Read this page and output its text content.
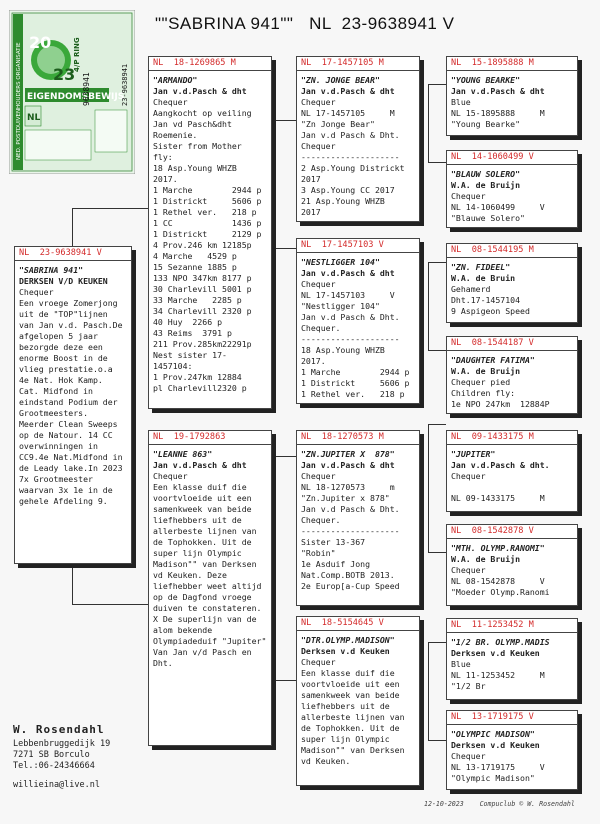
""SABRINA 941""   NL  23-9638941 V
NED. POSTDUIVENHOUDERS ORGANISATIE 20
23
EIGENDOMSBEWIJS
4/P RING
9638941	23-9638941
NL
NL  23-9638941 V
"SABRINA 941"
DERKSEN V/D KEUKEN
Chequer
Een vroege Zomerjong uit de "TOP"lijnen van Jan v.d. Pasch.De afgelopen 5 jaar bezorgde deze een enorme Boost in de vlieg prestatie.o.a 4e Nat. Hok Kamp. Cat. Midfond in eindstand Podium der Grootmeesters. Meerder Clean Sweeps op de Natour. 14 CC overwinningen in CC9.4e Nat.Midfond in de Leady lake.In 2023 7x Grootmeester waarvan 3x 1e in de gehele Afdeling 9.
NL  18-1269865 M
"ARMANDO"
Jan v.d.Pasch & dht
Chequer
Aangkocht op veiling
Jan vd Pasch&dht
Roemenie.
Sister from Mother
fly:
18 Asp.Young WHZB
2017.
1 Marche        2944 p
1 Districkt     5606 p
1 Rethel ver.   218 p
1 CC            1436 p
1 Districkt     2129 p
4 Prov.246 km 12185p
4 Marche   4529 p
15 Sezanne 1885 p
133 NPO 347km 8177 p
30 Charlevill 5001 p
33 Marche   2285 p
34 Charlevill 2320 p
40 Huy  2266 p
43 Reims  3791 p
211 Prov.285km22291p
Nest sister 17-
1457104:
1 Prov.247km 12884
pl Charlevill2320 p
NL  19-1792863
"LEANNE 863"
Jan v.d.Pasch & dht
Chequer
Een klasse duif die voortvloeide uit een samenkweek van beide liefhebbers uit de allerbeste lijnen van de Tophokken. Uit de super lijn Olympic Madison"" van Derksen vd Keuken. Deze liefhebber weet altijd op de Dagfond vroege duiven te constateren. X De superlijn van de alom bekende Olympiadeduif "Jupiter" Van Jan v/d Pasch en Dht.
NL  17-1457105 M
"ZN. JONGE BEAR"
Jan v.d.Pasch & dht
Chequer
NL 17-1457105     M
"Zn Jonge Bear"
Jan v.d Pasch & Dht.
Chequer
--------------------
2 Asp.Young Districkt
2017
3 Asp.Young CC 2017
21 Asp.Young WHZB
2017
NL  17-1457103 V
"NESTLIGGER 104"
Jan v.d.Pasch & dht
Chequer
NL 17-1457103     V
"Nestligger 104"
Jan v.d Pasch & Dht.
Chequer.
--------------------
18 Asp.Young WHZB
2017.
1 Marche        2944 p
1 Districkt     5606 p
1 Rethel ver.   218 p
NL  18-1270573 M
"ZN.JUPITER X  878"
Jan v.d.Pasch & dht
Chequer
NL 18-1270573     m
"Zn.Jupiter x 878"
Jan v.d Pasch & Dht.
Chequer.
--------------------
Sister 13-367
"Robin"
1e Asduif Jong
Nat.Comp.BOTB 2013.
2e Europ[a-Cup Speed
NL  18-5154645 V
"DTR.OLYMP.MADISON"
Derksen v.d Keuken
Chequer
Een klasse duif die voortvloeide uit een samenkweek van beide liefhebbers uit de allerbeste lijnen van de Tophokken. Uit de super lijn Olympic Madison"" van Derksen vd Keuken.
NL  15-1895888 M
"YOUNG BEARKE"
Jan v.d.Pasch & dht
Blue
NL 15-1895888     M
"Young Bearke"
NL  14-1060499 V
"BLAUW SOLERO"
W.A. de Bruijn
Chequer
NL 14-1060499     V
"Blauwe Solero"
NL  08-1544195 M
"ZN. FIDEEL"
W.A. de Bruin
Gehamerd
Dht.17-1457104
9 Aspigeon Speed
NL  08-1544187 V
"DAUGHTER FATIMA"
W.A. de Bruijn
Chequer pied
Children fly:
1e NPO 247km  12884P
NL  09-1433175 M
"JUPITER"
Jan v.d.Pasch & dht.
Chequer

NL 09-1433175     M
NL  08-1542878 V
"MTH. OLYMP.RANOMI"
W.A. de Bruijn
Chequer
NL 08-1542878     V
"Moeder Olymp.Ranomi
NL  11-1253452 M
"1/2 BR. OLYMP.MADIS
Derksen v.d Keuken
Blue
NL 11-1253452     M
"1/2 Br
NL  13-1719175 V
"OLYMPIC MADISON"
Derksen v.d Keuken
Chequer
NL 13-1719175     V
"Olympic Madison"
W. Rosendahl
Lebbenbruggedijk 19
7271 SB Borculo
Tel.:06-24346664
willieina@live.nl
12-10-2023    Compuclub © W. Rosendahl
